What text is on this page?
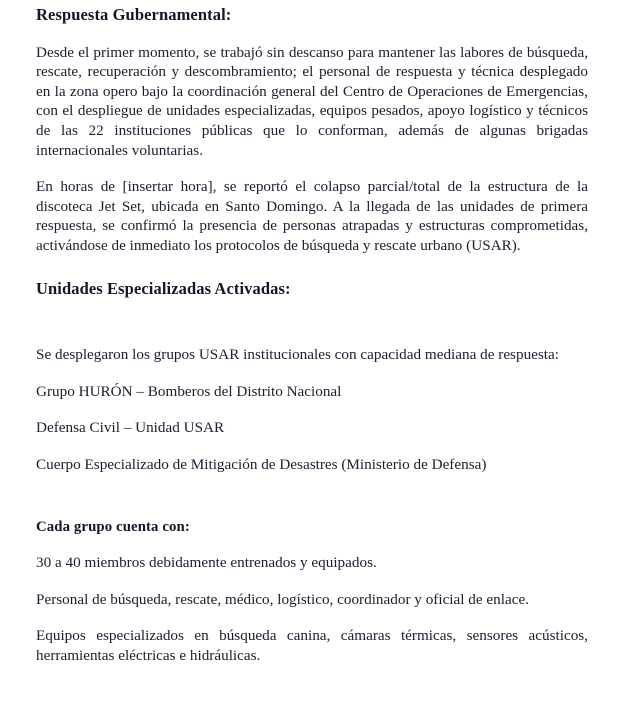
Respuesta Gubernamental:

Desde el primer momento, se trabajó sin descanso para mantener las labores de búsqueda, rescate, recuperación y descombramiento; el personal de respuesta y técnica desplegado en la zona opero bajo la coordinación general del Centro de Operaciones de Emergencias, con el despliegue de unidades especializadas, equipos pesados, apoyo logístico y técnicos de las 22 instituciones públicas que lo conforman, además de algunas brigadas internacionales voluntarias.

En horas de [insertar hora], se reportó el colapso parcial/total de la estructura de la discoteca Jet Set, ubicada en Santo Domingo. A la llegada de las unidades de primera respuesta, se confirmó la presencia de personas atrapadas y estructuras comprometidas, activándose de inmediato los protocolos de búsqueda y rescate urbano (USAR).

Unidades Especializadas Activadas:

Se desplegaron los grupos USAR institucionales con capacidad mediana de respuesta:

Grupo HURÓN – Bomberos del Distrito Nacional

Defensa Civil – Unidad USAR

Cuerpo Especializado de Mitigación de Desastres (Ministerio de Defensa)

Cada grupo cuenta con:

30 a 40 miembros debidamente entrenados y equipados.

Personal de búsqueda, rescate, médico, logístico, coordinador y oficial de enlace.

Equipos especializados en búsqueda canina, cámaras térmicas, sensores acústicos, herramientas eléctricas e hidráulicas.
